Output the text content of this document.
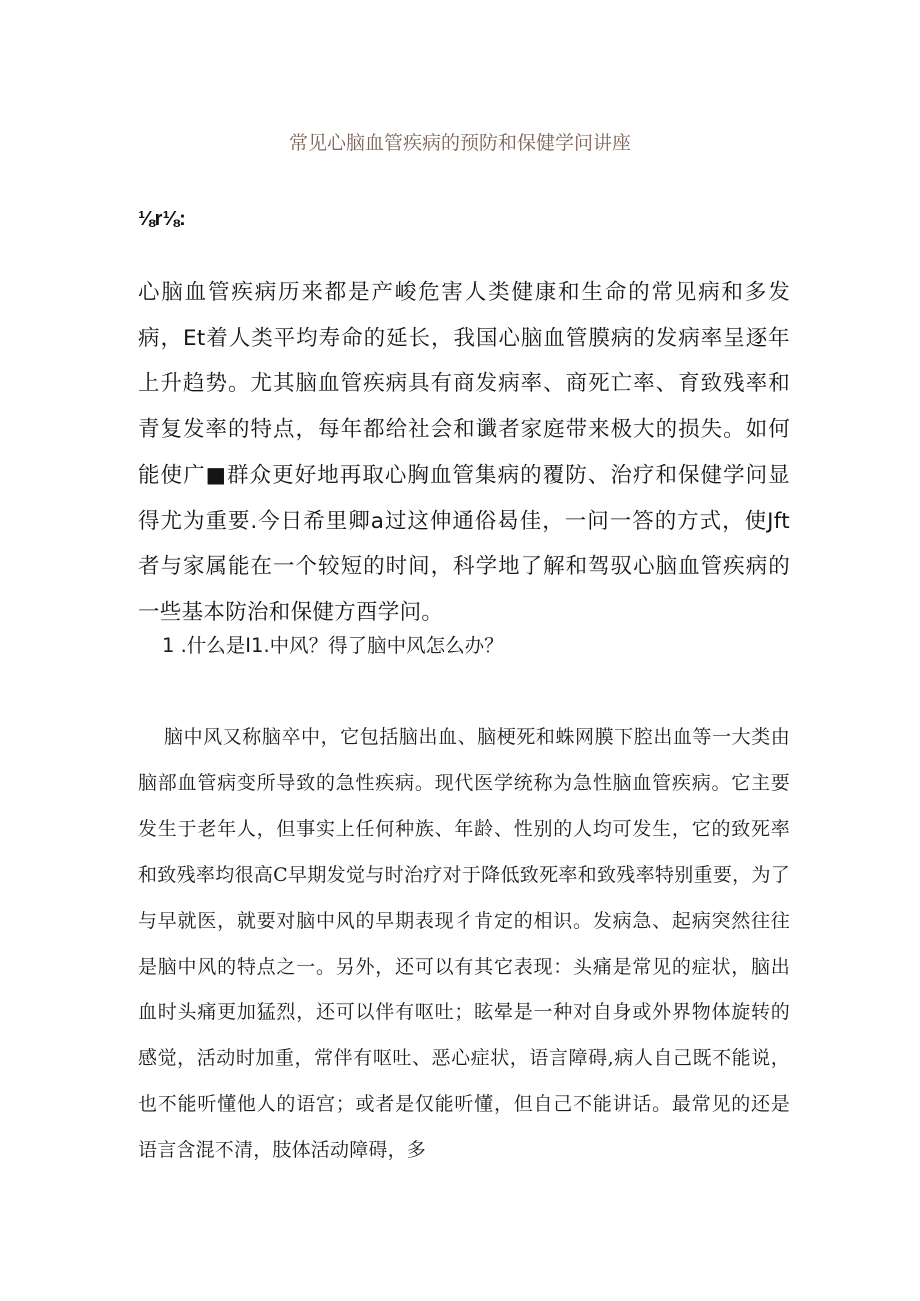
常见心脑血管疾病的预防和保健学问讲座

⅛r⅛:

心脑血管疾病历来都是产峻危害人类健康和生命的常见病和多发病，Et着人类平均寿命的延长，我国心脑血管膜病的发病率呈逐年上升趋势。尤其脑血管疾病具有商发病率、商死亡率、育致残率和青复发率的特点，每年都给社会和谶者家庭带来极大的损失。如何能使广■群众更好地再取心胸血管集病的覆防、治疗和保健学问显得尤为重要.今日希里卿a过这伸通俗曷佳，一问一答的方式，使Jft者与家属能在一个较短的时间，科学地了解和驾驭心脑血管疾病的一些基本防治和保健方酉学问。

1 .什么是I1.中风？得了脑中风怎么办？

脑中风又称脑卒中，它包括脑出血、脑梗死和蛛网膜下腔出血等一大类由脑部血管病变所导致的急性疾病。现代医学统称为急性脑血管疾病。它主要发生于老年人，但事实上任何种族、年龄、性别的人均可发生，它的致死率和致残率均很高C早期发觉与时治疗对于降低致死率和致残率特别重要，为了与早就医，就要对脑中风的早期表现彳肯定的相识。发病急、起病突然往往是脑中风的特点之一。另外，还可以有其它表现：头痛是常见的症状，脑出血时头痛更加猛烈，还可以伴有呕吐；眩晕是一种对自身或外界物体旋转的感觉，活动时加重，常伴有呕吐、恶心症状，语言障碍,病人自己既不能说，也不能听懂他人的语宫；或者是仅能听懂，但自己不能讲话。最常见的还是语言含混不清，肢体活动障碍，多
